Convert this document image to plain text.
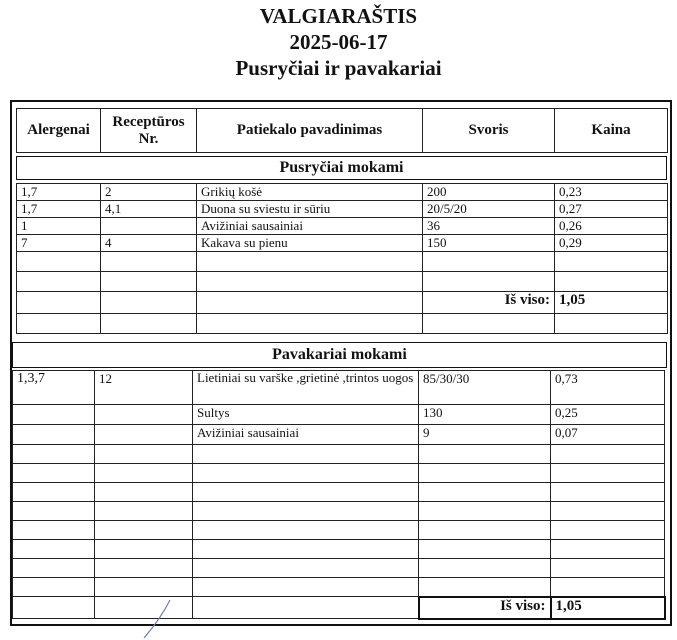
VALGIARAŠTIS
2025-06-17
Pusryčiai ir pavakariai
Alergenai	Receptūros Nr.	Patiekalo pavadinimas	Svoris	Kaina
Pusryčiai mokami
1,7	2	Grikių košė	200	0,23
1,7	4,1	Duona su sviestu ir sūriu	20/5/20	0,27
1		Avižiniai sausainiai	36	0,26
7	4	Kakava su pienu	150	0,29

			Iš viso:	1,05

Pavakariai mokami
1,3,7	12	Lietiniai su varške ,grietinė ,trintos uogos	85/30/30	0,73
		Sultys	130	0,25
		Avižiniai sausainiai	9	0,07

			Iš viso:	1,05
